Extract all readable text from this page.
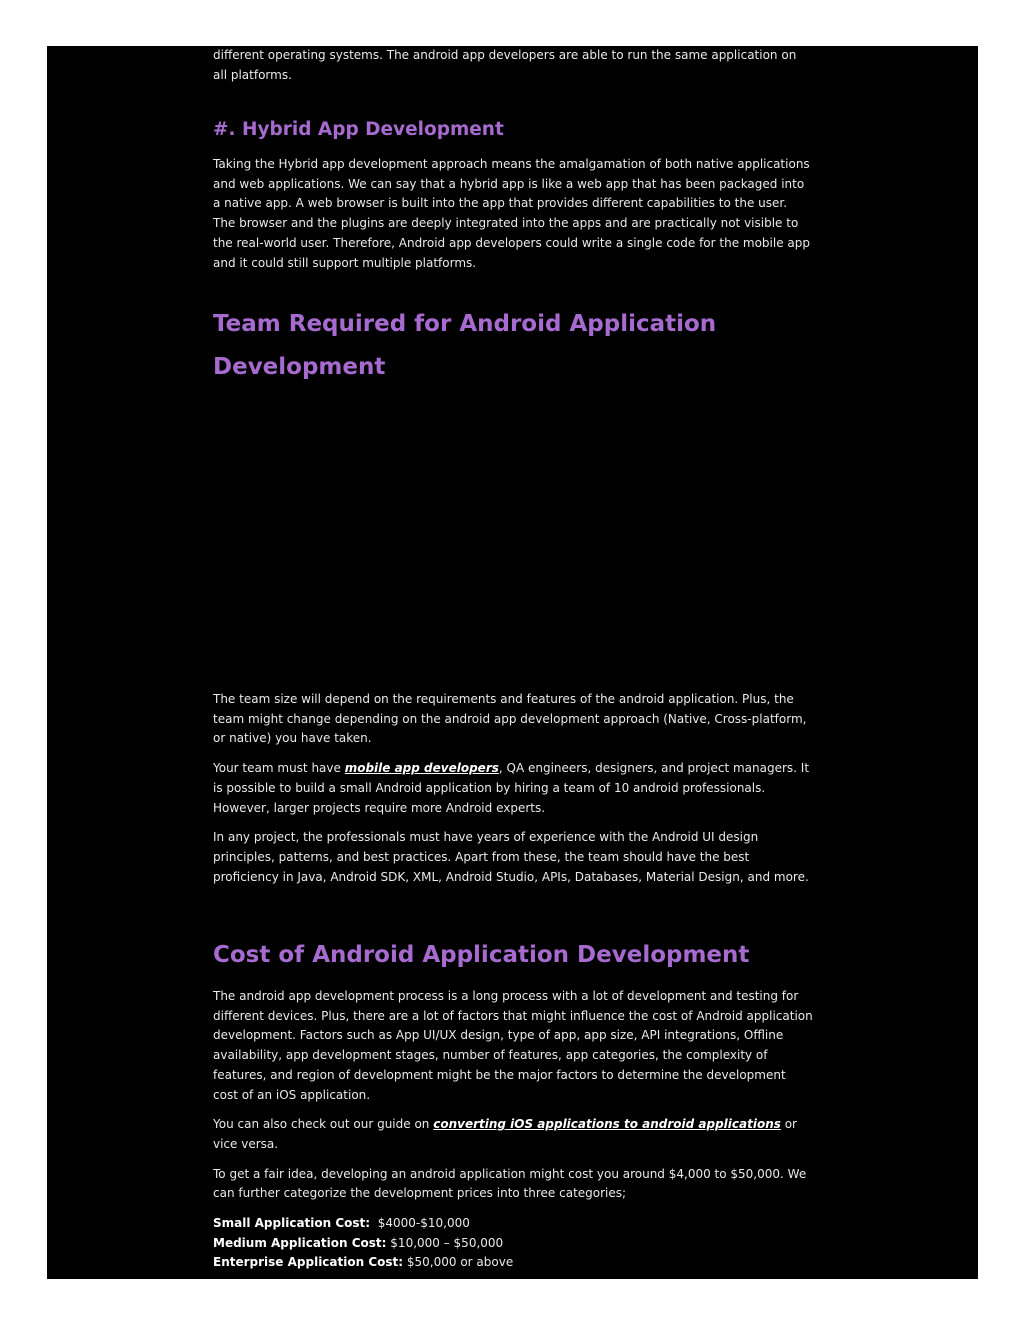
different operating systems. The android app developers are able to run the same application on all platforms.

#. Hybrid App Development

Taking the Hybrid app development approach means the amalgamation of both native applications and web applications. We can say that a hybrid app is like a web app that has been packaged into a native app. A web browser is built into the app that provides different capabilities to the user. The browser and the plugins are deeply integrated into the apps and are practically not visible to the real-world user. Therefore, Android app developers could write a single code for the mobile app and it could still support multiple platforms.

Team Required for Android Application Development

The team size will depend on the requirements and features of the android application. Plus, the team might change depending on the android app development approach (Native, Cross-platform, or native) you have taken.

Your team must have mobile app developers, QA engineers, designers, and project managers. It is possible to build a small Android application by hiring a team of 10 android professionals. However, larger projects require more Android experts.

In any project, the professionals must have years of experience with the Android UI design principles, patterns, and best practices. Apart from these, the team should have the best proficiency in Java, Android SDK, XML, Android Studio, APIs, Databases, Material Design, and more.

Cost of Android Application Development

The android app development process is a long process with a lot of development and testing for different devices. Plus, there are a lot of factors that might influence the cost of Android application development. Factors such as App UI/UX design, type of app, app size, API integrations, Offline availability, app development stages, number of features, app categories, the complexity of features, and region of development might be the major factors to determine the development cost of an iOS application.

You can also check out our guide on converting iOS applications to android applications or vice versa.

To get a fair idea, developing an android application might cost you around $4,000 to $50,000. We can further categorize the development prices into three categories;

Small Application Cost: $4000-$10,000

Medium Application Cost: $10,000 – $50,000

Enterprise Application Cost: $50,000 or above
